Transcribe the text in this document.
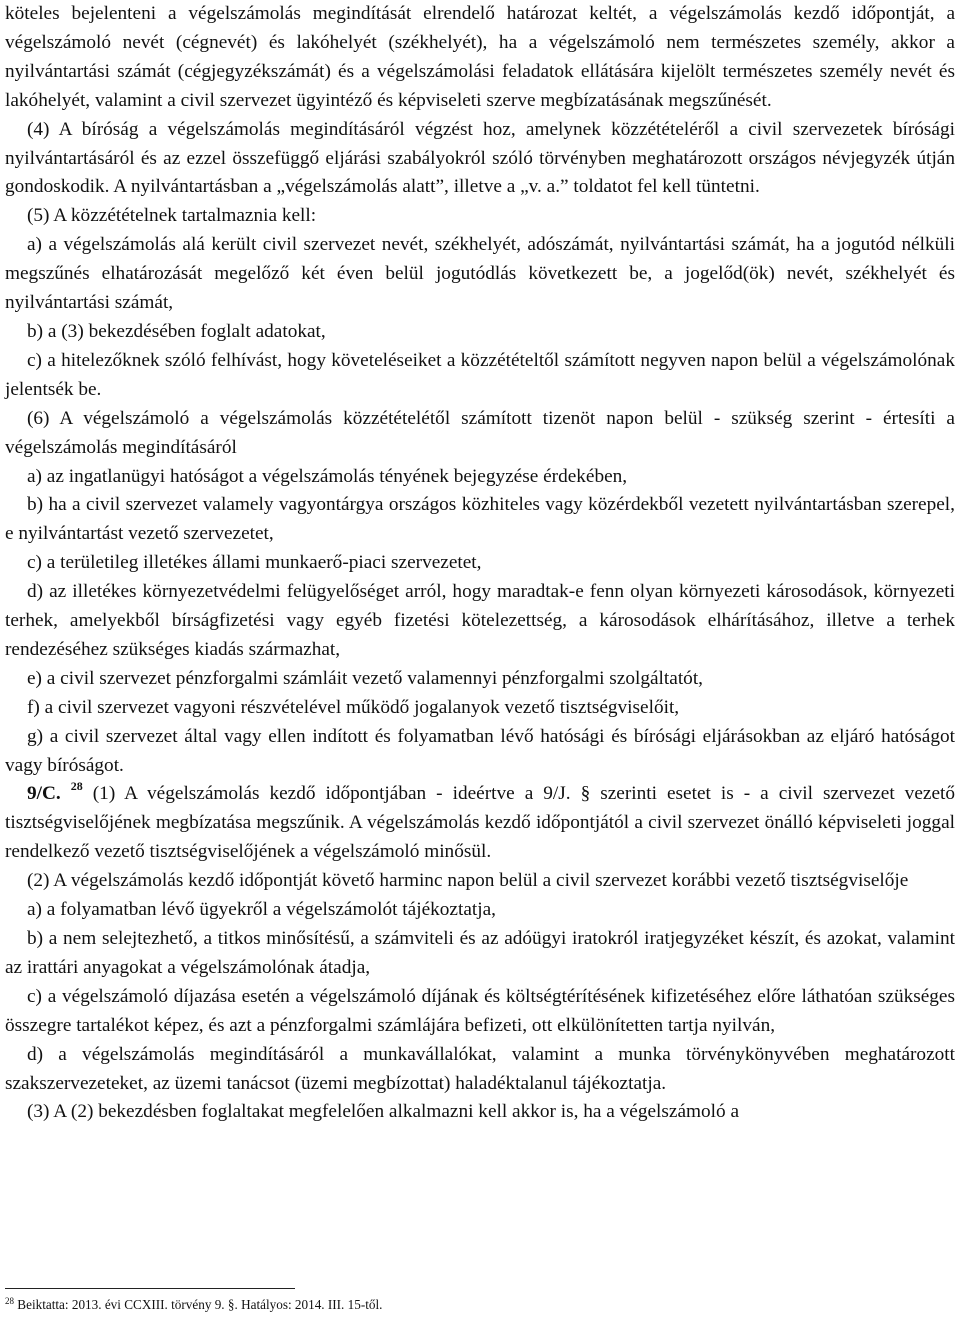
köteles bejelenteni a végelszámolás megindítását elrendelő határozat keltét, a végelszámolás kezdő időpontját, a végelszámoló nevét (cégnevét) és lakóhelyét (székhelyét), ha a végelszámoló nem természetes személy, akkor a nyilvántartási számát (cégjegyzékszámát) és a végelszámolási feladatok ellátására kijelölt természetes személy nevét és lakóhelyét, valamint a civil szervezet ügyintéző és képviseleti szerve megbízatásának megszűnését.

(4) A bíróság a végelszámolás megindításáról végzést hoz, amelynek közzétételéről a civil szervezetek bírósági nyilvántartásáról és az ezzel összefüggő eljárási szabályokról szóló törvényben meghatározott országos névjegyzék útján gondoskodik. A nyilvántartásban a „végelszámolás alatt”, illetve a „v. a.” toldatot fel kell tüntetni.

(5) A közzétételnek tartalmaznia kell:

a) a végelszámolás alá került civil szervezet nevét, székhelyét, adószámát, nyilvántartási számát, ha a jogutód nélküli megszűnés elhatározását megelőző két éven belül jogutódlás következett be, a jogelőd(ök) nevét, székhelyét és nyilvántartási számát,

b) a (3) bekezdésében foglalt adatokat,

c) a hitelezőknek szóló felhívást, hogy követeléseiket a közzétételtől számított negyven napon belül a végelszámolónak jelentsék be.

(6) A végelszámoló a végelszámolás közzétételétől számított tizenöt napon belül - szükség szerint - értesíti a végelszámolás megindításáról

a) az ingatlanügyi hatóságot a végelszámolás tényének bejegyzése érdekében,

b) ha a civil szervezet valamely vagyontárgya országos közhiteles vagy közérdekből vezetett nyilvántartásban szerepel, e nyilvántartást vezető szervezetet,

c) a területileg illetékes állami munkaerő-piaci szervezetet,

d) az illetékes környezetvédelmi felügyelőséget arról, hogy maradtak-e fenn olyan környezeti károsodások, környezeti terhek, amelyekből bírságfizetési vagy egyéb fizetési kötelezettség, a károsodások elhárításához, illetve a terhek rendezéséhez szükséges kiadás származhat,

e) a civil szervezet pénzforgalmi számláit vezető valamennyi pénzforgalmi szolgáltatót,

f) a civil szervezet vagyoni részvételével működő jogalanyok vezető tisztségviselőit,

g) a civil szervezet által vagy ellen indított és folyamatban lévő hatósági és bírósági eljárásokban az eljáró hatóságot vagy bíróságot.

9/C. $^{28}$ (1) A végelszámolás kezdő időpontjában - ideértve a 9/J. § szerinti esetet is - a civil szervezet vezető tisztségviselőjének megbízatása megszűnik. A végelszámolás kezdő időpontjától a civil szervezet önálló képviseleti joggal rendelkező vezető tisztségviselőjének a végelszámoló minősül.

(2) A végelszámolás kezdő időpontját követő harminc napon belül a civil szervezet korábbi vezető tisztségviselője

a) a folyamatban lévő ügyekről a végelszámolót tájékoztatja,

b) a nem selejtezhető, a titkos minősítésű, a számviteli és az adóügyi iratokról iratjegyzéket készít, és azokat, valamint az irattári anyagokat a végelszámolónak átadja,

c) a végelszámoló díjazása esetén a végelszámoló díjának és költségtérítésének kifizetéséhez előre láthatóan szükséges összegre tartalékot képez, és azt a pénzforgalmi számlájára befizeti, ott elkülönítetten tartja nyilván,

d) a végelszámolás megindításáról a munkavállalókat, valamint a munka törvénykönyvében meghatározott szakszervezeteket, az üzemi tanácsot (üzemi megbízottat) haladéktalanul tájékoztatja.

(3) A (2) bekezdésben foglaltakat megfelelően alkalmazni kell akkor is, ha a végelszámoló a

$^{28}$ Beiktatta: 2013. évi CCXIII. törvény 9. §. Hatályos: 2014. III. 15-től.
